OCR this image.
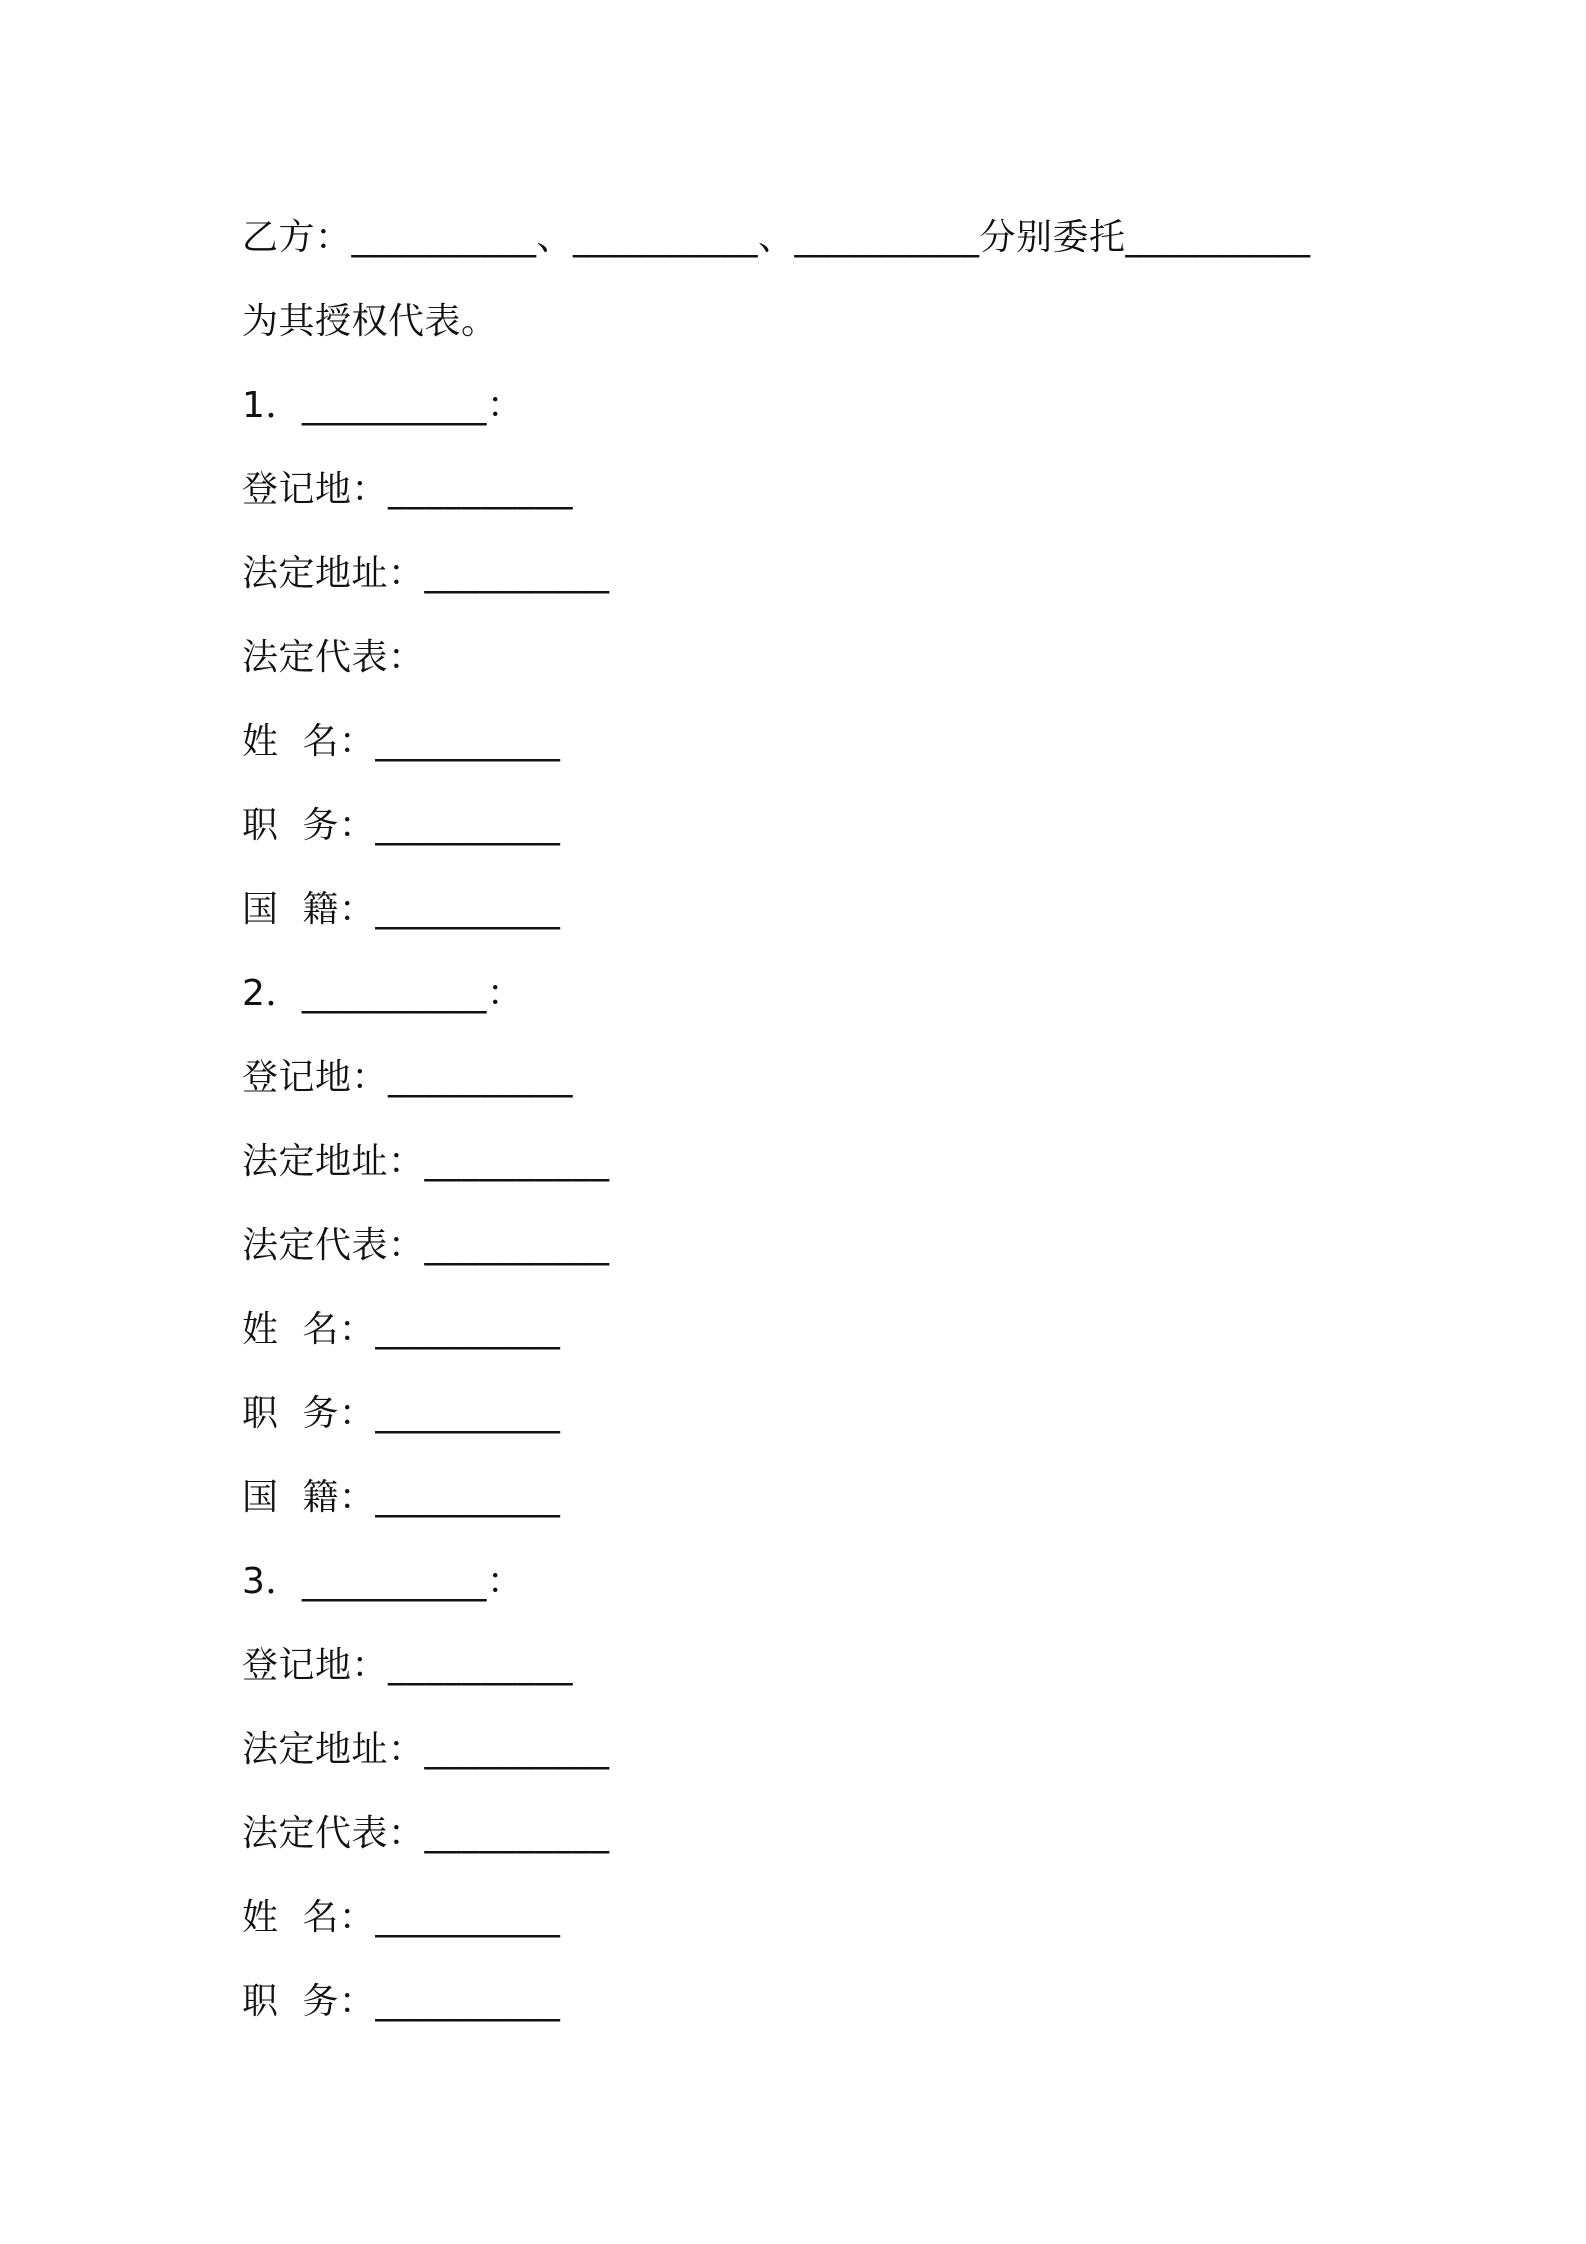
乙方：__________、__________、__________分别委托__________
为其授权代表。
1．__________：
登记地：__________
法定地址：__________
法定代表：
姓  名：__________
职  务：__________
国  籍：__________
2．__________：
登记地：__________
法定地址：__________
法定代表：__________
姓  名：__________
职  务：__________
国  籍：__________
3．__________：
登记地：__________
法定地址：__________
法定代表：__________
姓  名：__________
职  务：__________
